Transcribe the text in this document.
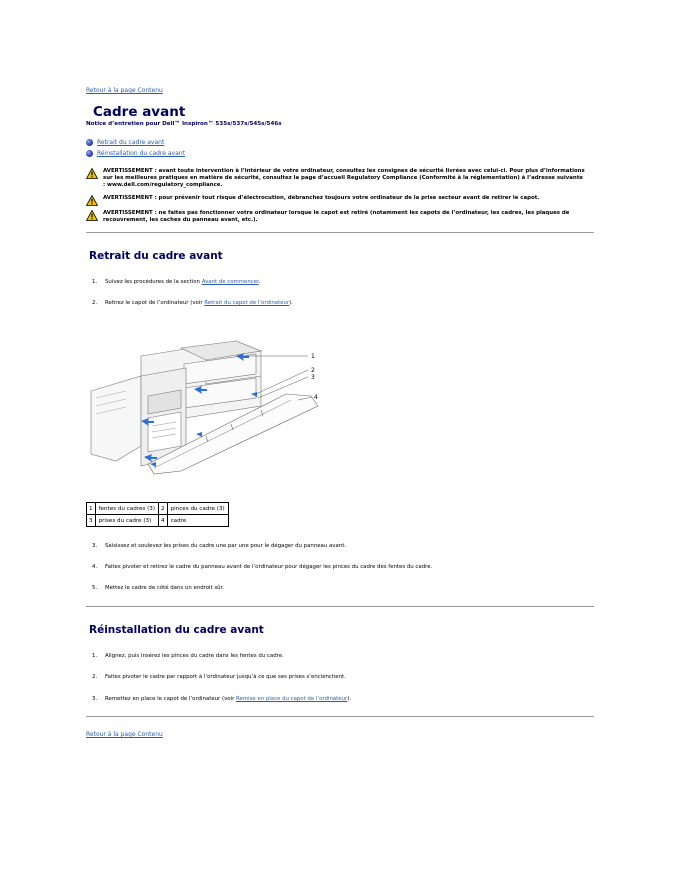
Retour à la page Contenu
Cadre avant
Notice d’entretien pour Dell™ Inspiron™ 535s/537s/545s/546s
Retrait du cadre avant
Réinstallation du cadre avant
AVERTISSEMENT : avant toute intervention à l’intérieur de votre ordinateur, consultez les consignes de sécurité livrées avec celui-ci. Pour plus d’informations sur les meilleures pratiques en matière de sécurité, consultez la page d’accueil Regulatory Compliance (Conformité à la réglementation) à l’adresse suivante : www.dell.com/regulatory_compliance.
AVERTISSEMENT : pour prévenir tout risque d’électrocution, débranchez toujours votre ordinateur de la prise secteur avant de retirer le capot.
AVERTISSEMENT : ne faites pas fonctionner votre ordinateur lorsque le capot est retiré (notamment les capots de l’ordinateur, les cadres, les plaques de recouvrement, les caches du panneau avant, etc.).
Retrait du cadre avant
1. Suivez les procédures de la section Avant de commencer.
2. Retirez le capot de l’ordinateur (voir Retrait du capot de l’ordinateur).
1
2
3
4
1	fentes du cadres (3)	2	pinces du cadre (3)
3	prises du cadre (3)	4	cadre
3. Saisissez et soulevez les prises du cadre une par une pour le dégager du panneau avant.
4. Faites pivoter et retirez le cadre du panneau avant de l’ordinateur pour dégager les pinces du cadre des fentes du cadre.
5. Mettez le cadre de côté dans un endroit sûr.
Réinstallation du cadre avant
1. Alignez, puis insérez les pinces du cadre dans les fentes du cadre.
2. Faites pivoter le cadre par rapport à l’ordinateur jusqu’à ce que ses prises s’enclenchent.
3. Remettez en place le capot de l’ordinateur (voir Remise en place du capot de l’ordinateur).
Retour à la page Contenu
